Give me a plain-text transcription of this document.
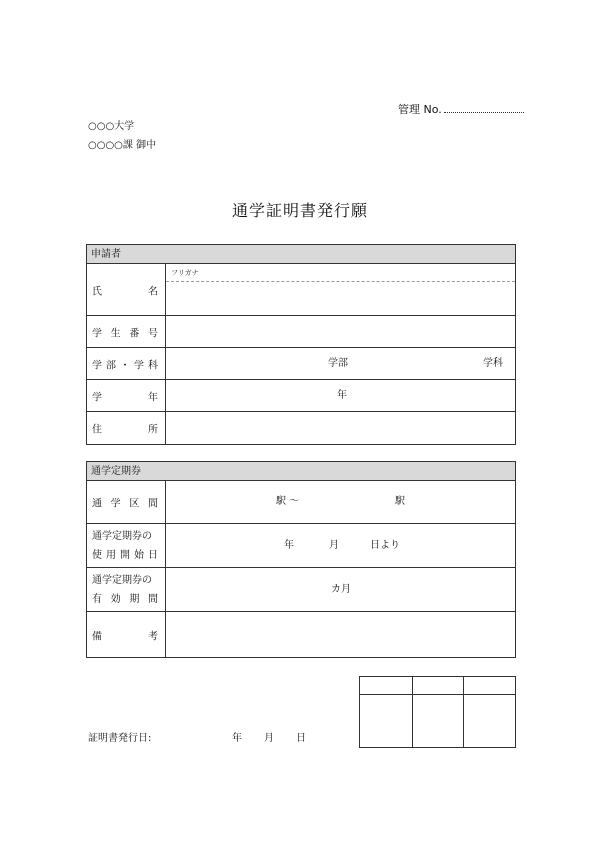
管理 No.
○○○大学
○○○○課 御中
通学証明書発行願
申請者
氏	名
フリガナ
学 生 番 号
学 部 ・ 学 科	学部	学科
学	年	年
住	所
通学定期券
通 学 区 間	駅 ～	駅
通学定期券の
使 用 開 始 日
年	月	日より
通学定期券の
有 効 期 間
カ月
備	考
証明書発行日:	年 月 日
